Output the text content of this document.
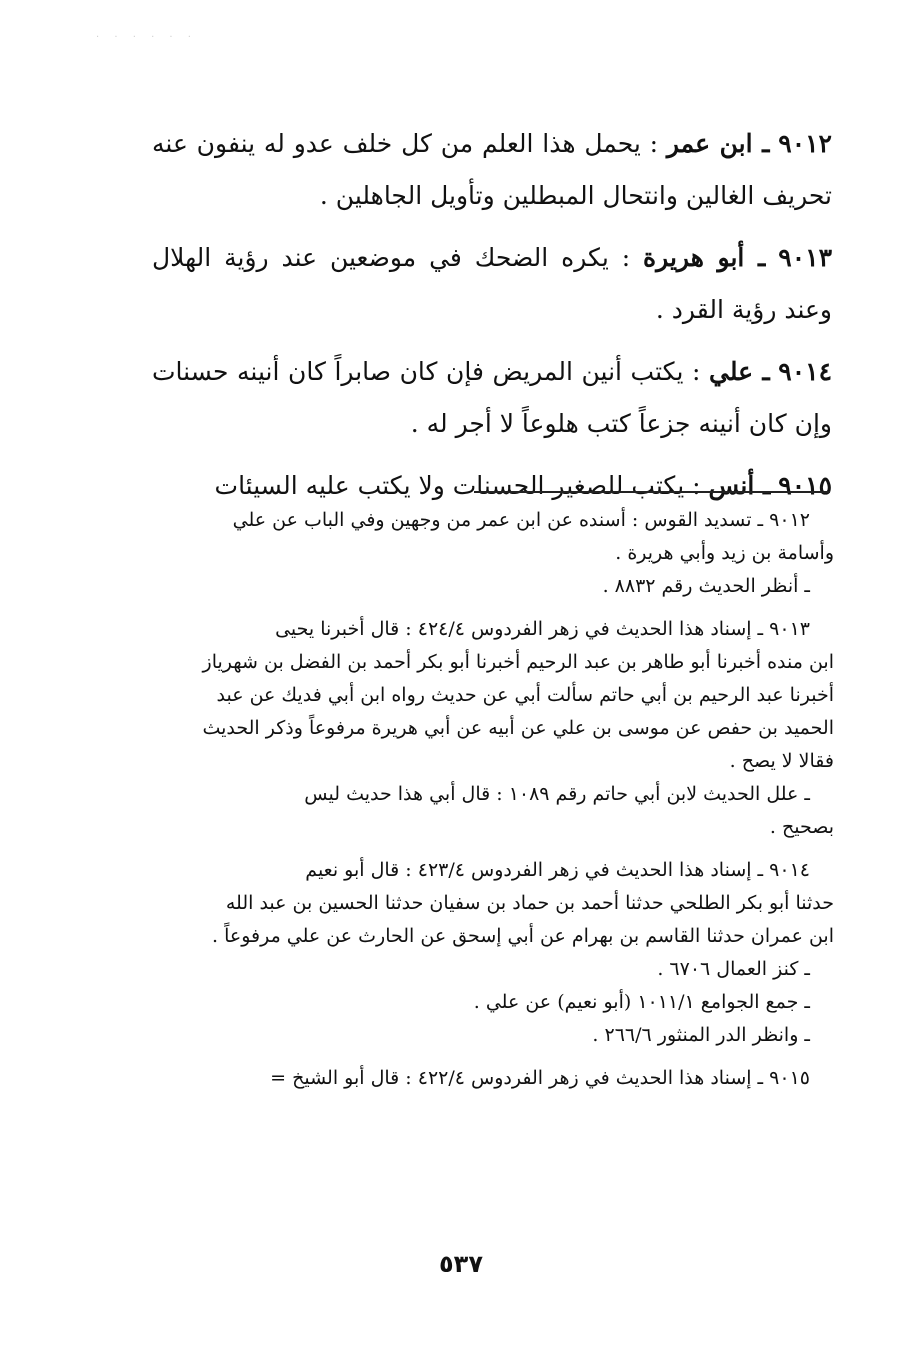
· · · · · ·

٩٠١٢ ـ ابن عمر : يحمل هذا العلم من كل خلف عدو له ينفون عنه تحريف الغالين وانتحال المبطلين وتأويل الجاهلين .

٩٠١٣ ـ أبو هريرة : يكره الضحك في موضعين عند رؤية الهلال وعند رؤية القرد .

٩٠١٤ ـ علي : يكتب أنين المريض فإن كان صابراً كان أنينه حسنات وإن كان أنينه جزعاً كتب هلوعاً لا أجر له .

٩٠١٥ ـ أنس : يكتب للصغير الحسنات ولا يكتب عليه السيئات

٩٠١٢ ـ تسديد القوس : أسنده عن ابن عمر من وجهين وفي الباب عن علي

وأسامة بن زيد وأبي هريرة .

ـ أنظر الحديث رقم ٨٨٣٢ .

٩٠١٣ ـ إسناد هذا الحديث في زهر الفردوس ٤٢٤/٤ : قال أخبرنا يحيى

ابن منده أخبرنا أبو طاهر بن عبد الرحيم أخبرنا أبو بكر أحمد بن الفضل بن شهرياز

أخبرنا عبد الرحيم بن أبي حاتم سألت أبي عن حديث رواه ابن أبي فديك عن عبد

الحميد بن حفص عن موسى بن علي عن أبيه عن أبي هريرة مرفوعاً وذكر الحديث

فقالا لا يصح .

ـ علل الحديث لابن أبي حاتم رقم ١٠٨٩ : قال أبي هذا حديث ليس

بصحيح .

٩٠١٤ ـ إسناد هذا الحديث في زهر الفردوس ٤٢٣/٤ : قال أبو نعيم

حدثنا أبو بكر الطلحي حدثنا أحمد بن حماد بن سفيان حدثنا الحسين بن عبد الله

ابن عمران حدثنا القاسم بن بهرام عن أبي إسحق عن الحارث عن علي مرفوعاً .

ـ كنز العمال ٦٧٠٦ .

ـ جمع الجوامع ١٠١١/١ (أبو نعيم) عن علي .

ـ وانظر الدر المنثور ٢٦٦/٦ .

٩٠١٥ ـ إسناد هذا الحديث في زهر الفردوس ٤٢٢/٤ : قال أبو الشيخ =

٥٣٧
